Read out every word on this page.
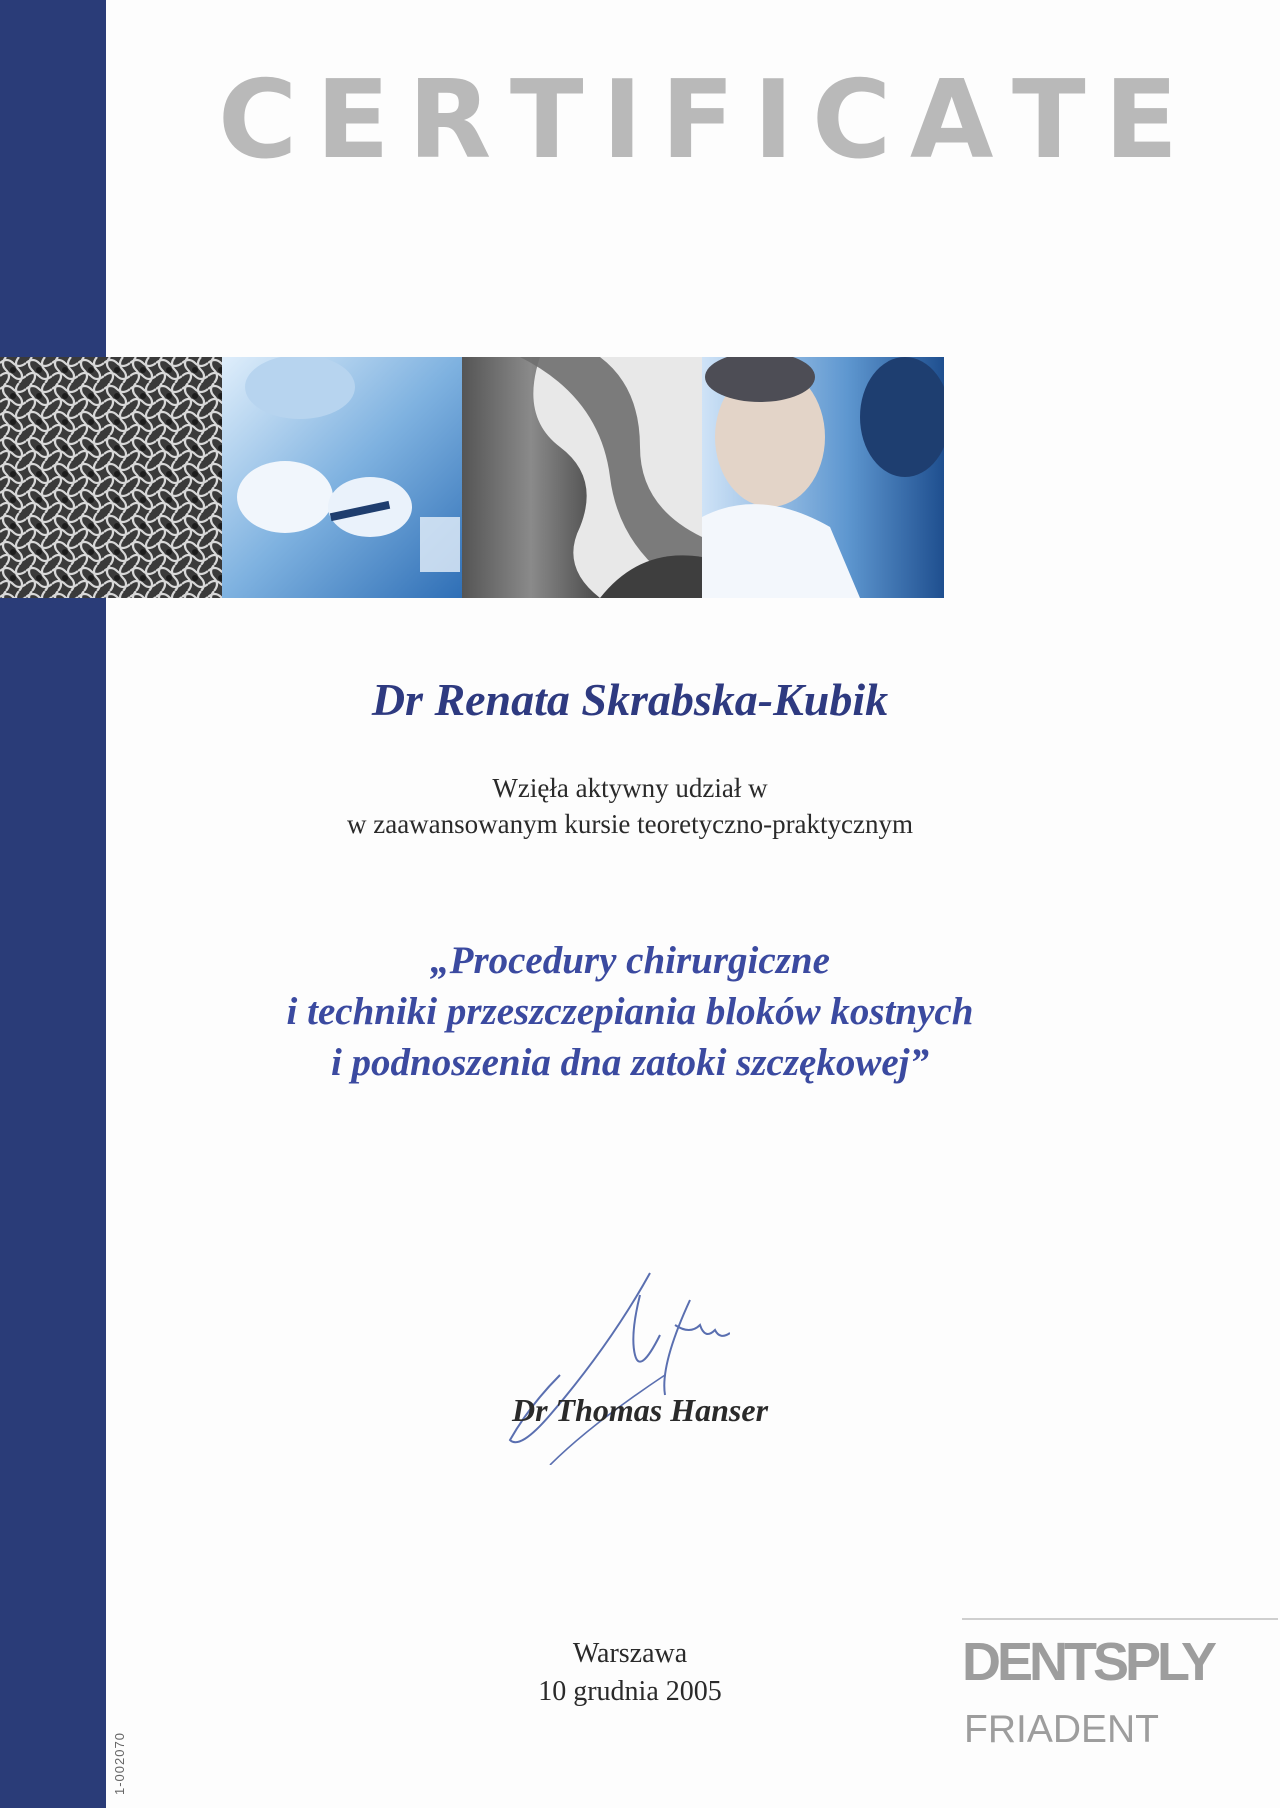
1-002070
C E R T I F I C A T E
Dr Renata Skrabska-Kubik
Wzięła aktywny udział w
w zaawansowanym kursie teoretyczno-praktycznym
„Procedury chirurgiczne
i techniki przeszczepiania bloków kostnych
i podnoszenia dna zatoki szczękowej”
Dr Thomas Hanser
Warszawa
10 grudnia 2005	DENTSPLY
FRIADENT
